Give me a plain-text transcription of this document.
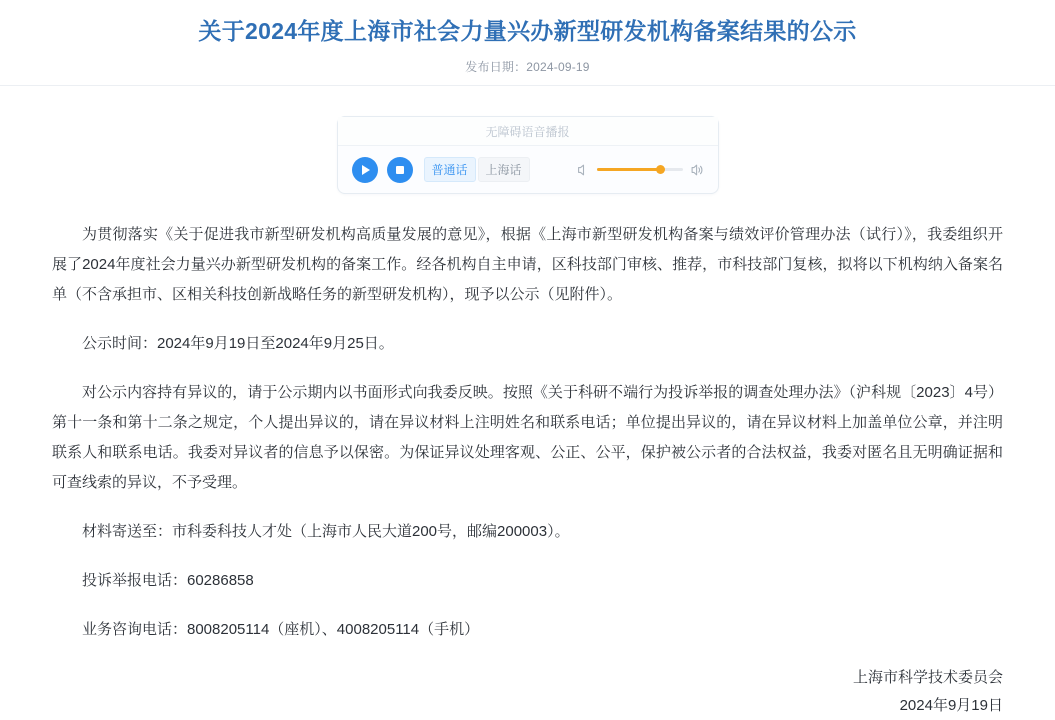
关于2024年度上海市社会力量兴办新型研发机构备案结果的公示
发布日期：2024-09-19
无障碍语音播报
普通话	上海话

为贯彻落实《关于促进我市新型研发机构高质量发展的意见》，根据《上海市新型研发机构备案与绩效评价管理办法（试行）》，我委组织开展了2024年度社会力量兴办新型研发机构的备案工作。经各机构自主申请，区科技部门审核、推荐，市科技部门复核，拟将以下机构纳入备案名单（不含承担市、区相关科技创新战略任务的新型研发机构），现予以公示（见附件）。

公示时间：2024年9月19日至2024年9月25日。

对公示内容持有异议的，请于公示期内以书面形式向我委反映。按照《关于科研不端行为投诉举报的调查处理办法》（沪科规〔2023〕4号）第十一条和第十二条之规定，个人提出异议的，请在异议材料上注明姓名和联系电话；单位提出异议的，请在异议材料上加盖单位公章，并注明联系人和联系电话。我委对异议者的信息予以保密。为保证异议处理客观、公正、公平，保护被公示者的合法权益，我委对匿名且无明确证据和可查线索的异议，不予受理。

材料寄送至：市科委科技人才处（上海市人民大道200号，邮编200003）。

投诉举报电话：60286858

业务咨询电话：8008205114（座机）、4008205114（手机）

上海市科学技术委员会
2024年9月19日
